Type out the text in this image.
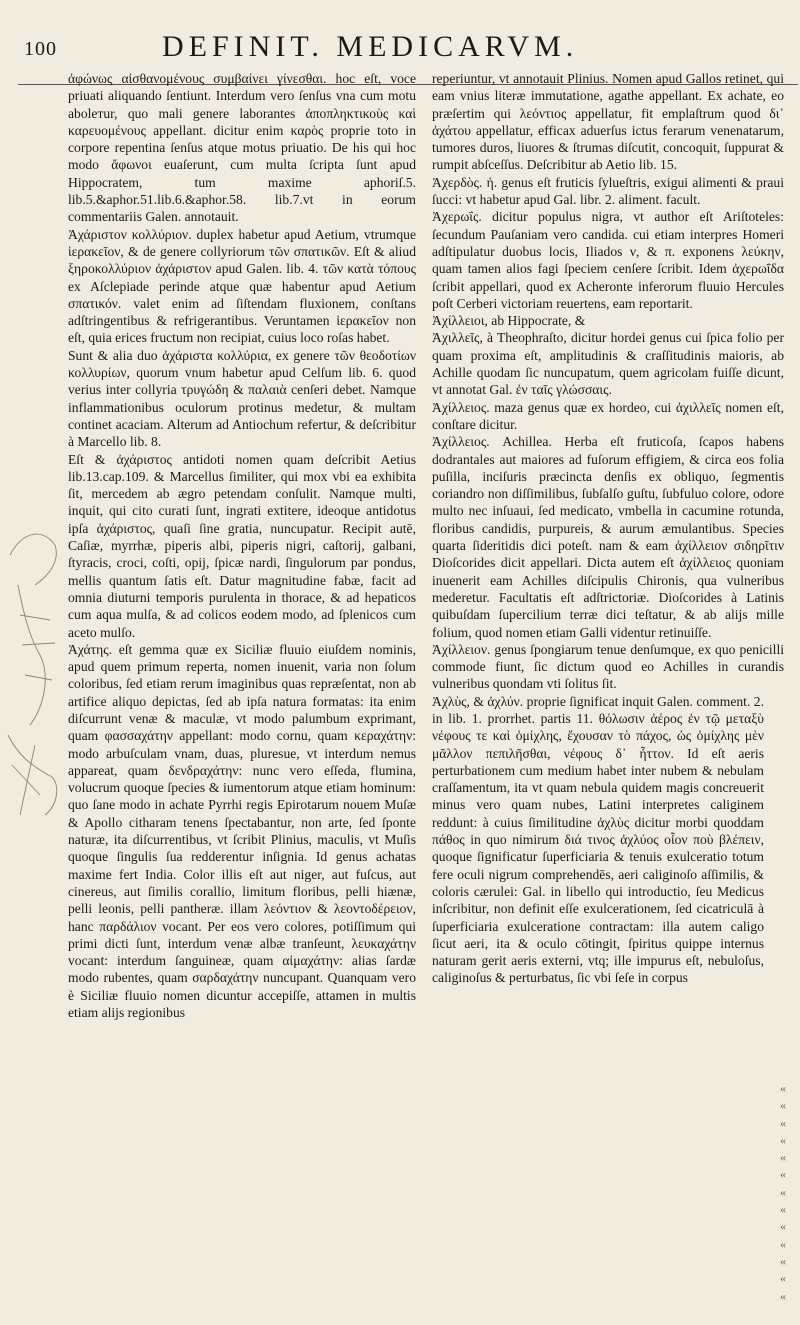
100	DEFINIT. MEDICARVM.

ἀφώνως αἰσθανομένους συμβαίνει γίνεσθαι. hoc eſt, voce priuati aliquando ſentiunt. Interdum vero ſenſus vna cum motu abolетur, quo mali genere laborantes ἀποπληκτικοὺς καὶ καρευομένους appellant. dicitur enim καρὸς proprie toto in corpore repentina ſenſus atque motus priuatio. De his qui hoc modo ἄφωνοι euaſerunt, cum multa ſcripta ſunt apud Hippocratem, tum maxime aphoriſ.5. lib.5.&aphor.51.lib.6.&aphor.58. lib.7.vt in eorum commentariis Galen. annotauit.

Ἀχάριστον κολλύριον. duplex habetur apud Aetium, vtrumque ἱερακεῖον, & de genere collyriorum τῶν σπατικῶν. Eſt & aliud ξηροκολλύριον ἀχάριστον apud Galen. lib. 4. τῶν κατὰ τόπους ex Aſclepiade perinde atque quæ habentur apud Aetium σπατικόν. valet enim ad ſiſtendam fluxionem, conſtans adſtringentibus & refrigerantibus. Veruntamen ἱερακεῖον non eſt, quia erices fructum non recipiat, cuius loco roſas habet.

Sunt & alia duo ἀχάριστα κολλύρια, ex genere τῶν θεοδοτίων κολλυρίων, quorum vnum habetur apud Celſum lib. 6. quod verius inter collyria τρυγώδη & παλαιὰ cenſeri debet. Namque inflammationibus oculorum protinus medetur, & multam continet acaciam. Alterum ad Antiochum refertur, & deſcribitur à Marcello lib. 8.

Eſt & ἀχάριστος antidoti nomen quam deſcribit Aetius lib.13.cap.109. & Marcellus ſimiliter, qui mox vbi ea exhibita ſit, mercedem ab ægro petendam conſulit. Namque multi, inquit, qui cito curati ſunt, ingrati extitere, ideoque antidotus ipſa ἀχάριστος, quaſi ſine gratia, nuncupatur. Recipit autē, Caſiæ, myrrhæ, piperis albi, piperis nigri, caſtorij, galbani, ſtyracis, croci, coſti, opij, ſpicæ nardi, ſingulorum par pondus, mellis quantum ſatis eſt. Datur magnitudine fabæ, facit ad omnia diuturni temporis purulenta in thorace, & ad hepaticos cum aqua mulſa, & ad colicos eodem modo, ad ſplenicos cum aceto mulſo.

Ἀχάτης. eſt gemma quæ ex Siciliæ fluuio eiuſdem nominis, apud quem primum reperta, nomen inuenit, varia non ſolum coloribus, ſed etiam rerum imaginibus quas repræſentat, non ab artifice aliquo depictas, ſed ab ipſa natura formatas: ita enim diſcurrunt venæ & maculæ, vt modo palumbum exprimant, quam φασσαχάτην appellant: modo cornu, quam κεραχάτην: modo arbuſculam vnam, duas, pluresue, vt interdum nemus appareat, quam δενδραχάτην: nunc vero eſſeda, flumina, volucrum quoque ſpecies & iumentorum atque etiam hominum: quo ſane modo in achate Pyrrhi regis Epirotarum nouem Muſæ & Apollo citharam tenens ſpectabantur, non arte, ſed ſponte naturæ, ita diſcurrentibus, vt ſcribit Plinius, maculis, vt Muſis quoque ſingulis ſua redderentur inſignia. Id genus achatas maxime fert India. Color illis eſt aut niger, aut fuſcus, aut cinereus, aut ſimilis corallio, limitum floribus, pelli hiænæ, pelli leonis, pelli pantheræ. illam λεόντιον & λεοντοδέρειον, hanc παρδάλιον vocant. Per eos vero colores, potiſſimum qui primi dicti ſunt, interdum venæ albæ tranſeunt, λευκαχάτην vocant: interdum ſanguineæ, quam αἱμαχάτην: alias ſardæ modo rubentes, quam σαρδαχάτην nuncupant. Quanquam vero è Siciliæ fluuio nomen dicuntur accepiſſe, attamen in multis etiam alijs regionibus

reperiuntur, vt annotauit Plinius. Nomen apud Gallos retinet, qui eam vnius literæ immutatione, agathe appellant. Ex achate, eo præſertim qui λεόντιος appellatur, fit emplaſtrum quod δι᾽ ἀχάτου appellatur, efficax aduerſus ictus ferarum venenatarum, tumores duros, liuores & ſtrumas diſcutit, concoquit, ſuppurat & rumpit abſceſſus. Deſcribitur ab Aetio lib. 15.

Ἀχερδὸς. ἡ. genus eſt fruticis ſylueſtris, exigui alimenti & praui ſucci: vt habetur apud Gal. libr. 2. aliment. facult.

Ἀχερωΐς. dicitur populus nigra, vt author eſt Ariſtoteles: ſecundum Pauſaniam vero candida. cui etiam interpres Homeri adſtipulatur duobus locis, Iliados ν, & π. exponens λεύκην, quam tamen alios fagi ſpeciem cenſere ſcribit. Idem ἀχερωΐδα ſcribit appellari, quod ex Acheronte inferorum fluuio Hercules poſt Cerberi victoriam reuertens, eam reportarit.

Ἀχίλλειοι, ab Hippocrate, &

Ἀχιλλεῖς, à Theophraſto, dicitur hordei genus cui ſpica folio per quam proxima eſt, amplitudinis & craſſitudinis maioris, ab Achille quodam ſic nuncupatum, quem agricolam fuiſſe dicunt, vt annotat Gal. ἐν ταῖς γλώσσαις.

Ἀχίλλειος. maza genus quæ ex hordeo, cui ἀχιλλεῖς nomen eſt, conſtare dicitur.

Ἀχίλλειος. Achillea. Herba eſt fruticoſa, ſcapos habens dodrantales aut maiores ad fuſorum effigiem, & circa eos folia puſilla, inciſuris præcincta denſis ex obliquo, ſegmentis coriandro non diſſimilibus, ſubſalſo guſtu, ſubfuluo colore, odore multo nec inſuaui, ſed medicato, vmbella in cacumine rotunda, floribus candidis, purpureis, & aurum æmulantibus. Species quarta ſideritidis dici poteſt. nam & eam ἀχίλλειον σιδηρῖτιν Dioſcorides dicit appellari. Dicta autem eſt ἀχίλλειος quoniam inuenerit eam Achilles diſcipulis Chironis, qua vulneribus mederetur. Facultatis eſt adſtrictoriæ. Dioſcorides à Latinis quibuſdam ſupercilium terræ dici teſtatur, & ab alijs mille folium, quod nomen etiam Galli videntur retinuiſſe.

Ἀχίλλειον. genus ſpongiarum tenue denſumque, ex quo penicilli commode fiunt, ſic dictum quod eo Achilles in curandis vulneribus quondam vti ſolitus ſit.

Ἀχλὺς, & ἀχλύν. proprie ſignificat inquit Galen. comment. 2. in lib. 1. prorrhet. partis 11. θόλωσιν ἀέρος ἐν τῷ μεταξὺ νέφους τε καὶ ὁμίχλης, ἔχουσαν τὸ πάχος, ὡς ὁμίχλης μὲν μᾶλλον πεπιλῆσθαι, νέφους δ᾽ ἧττον. Id eſt aeris perturbationem cum medium habet inter nubem & nebulam craſſamentum, ita vt quam nebula quidem magis concreuerit minus vero quam nubes, Latini interpretes caliginem reddunt: à cuius ſimilitudine ἀχλὺς dicitur morbi quoddam πάθος in quo nimirum διά τινος ἀχλύος οἶον ποὺ βλέπειν, quoque ſignificatur ſuperficiaria & tenuis exulceratio totum fere oculi nigrum comprehendēs, aeri caliginoſo aſſimilis, & coloris cærulei: Gal. in libello qui introductio, ſeu Medicus inſcribitur, non definit eſſe exulcerationem, ſed cicatriculā à ſuperficiaria exulceratione contractam: illa autem caligo ſicut aeri, ita & oculo cōtingit, ſpiritus quippe internus naturam gerit aeris externi, vtq; ille impurus eſt, nebuloſus, caliginoſus & perturbatus, ſic vbi ſeſe in corpus

«
«
«
«
«
«
«
«
«
«
«
«
«
